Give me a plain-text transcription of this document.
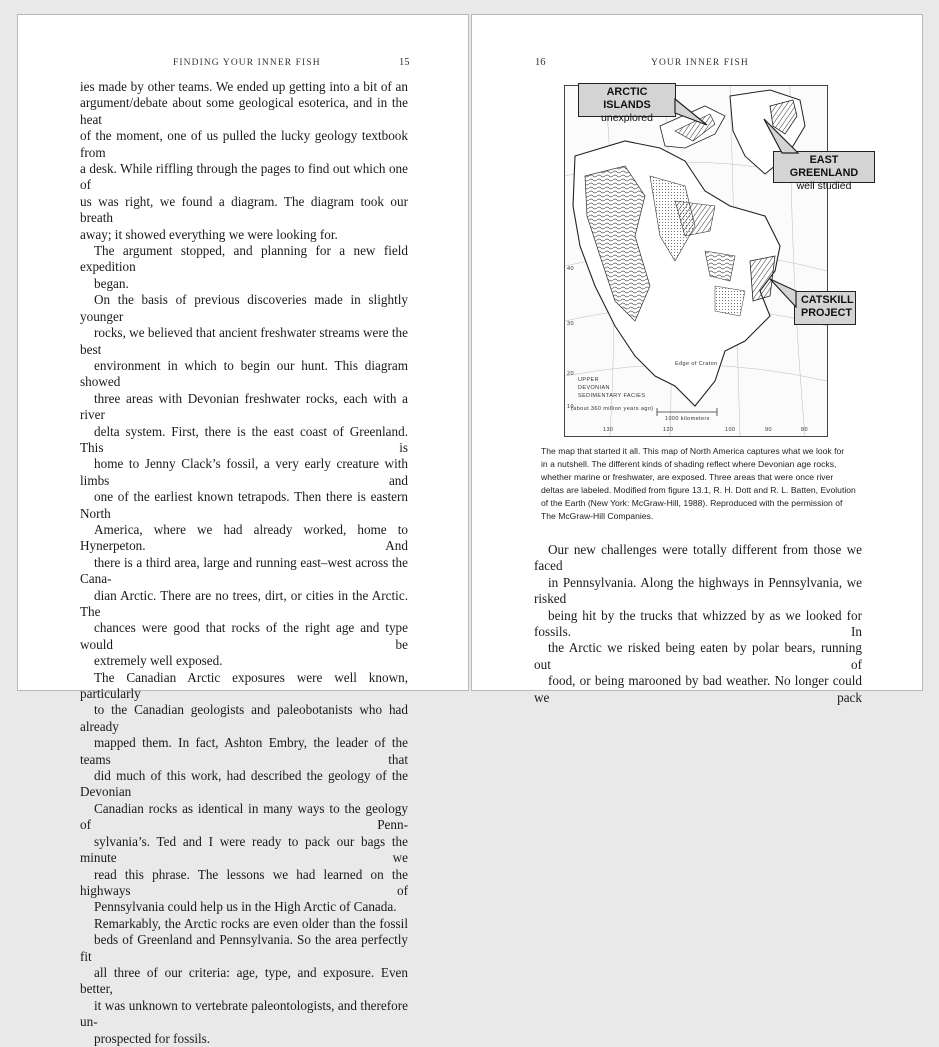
FINDING YOUR INNER FISH	15

ies made by other teams. We ended up getting into a bit of an
argument/debate about some geological esoterica, and in the heat
of the moment, one of us pulled the lucky geology textbook from
a desk. While riffling through the pages to find out which one of
us was right, we found a diagram. The diagram took our breath
away; it showed everything we were looking for.

The argument stopped, and planning for a new field expedition
began.

On the basis of previous discoveries made in slightly younger
rocks, we believed that ancient freshwater streams were the best
environment in which to begin our hunt. This diagram showed
three areas with Devonian freshwater rocks, each with a river
delta system. First, there is the east coast of Greenland. This is
home to Jenny Clack’s fossil, a very early creature with limbs and
one of the earliest known tetrapods. Then there is eastern North
America, where we had already worked, home to Hynerpeton. And
there is a third area, large and running east–west across the Cana-
dian Arctic. There are no trees, dirt, or cities in the Arctic. The
chances were good that rocks of the right age and type would be
extremely well exposed.

The Canadian Arctic exposures were well known, particularly
to the Canadian geologists and paleobotanists who had already
mapped them. In fact, Ashton Embry, the leader of the teams that
did much of this work, had described the geology of the Devonian
Canadian rocks as identical in many ways to the geology of Penn-
sylvania’s. Ted and I were ready to pack our bags the minute we
read this phrase. The lessons we had learned on the highways of
Pennsylvania could help us in the High Arctic of Canada.

Remarkably, the Arctic rocks are even older than the fossil
beds of Greenland and Pennsylvania. So the area perfectly fit
all three of our criteria: age, type, and exposure. Even better,
it was unknown to vertebrate paleontologists, and therefore un-
prospected for fossils.

16	YOUR INNER FISH
UPPER
DEVONIAN
SEDIMENTARY FACIES
(about 360 million years ago)
1000 kilometers
Edge of Craton
40
30
20
10
130	120	100	90	80
ARCTIC ISLANDS
unexplored
EAST GREENLAND
well studied
CATSKILL
PROJECT
The map that started it all. This map of North America captures what we look for
in a nutshell. The different kinds of shading reflect where Devonian age rocks,
whether marine or freshwater, are exposed. Three areas that were once river
deltas are labeled. Modified from figure 13.1, R. H. Dott and R. L. Batten, Evolution
of the Earth (New York: McGraw-Hill, 1988). Reproduced with the permission of
The McGraw-Hill Companies.

Our new challenges were totally different from those we faced
in Pennsylvania. Along the highways in Pennsylvania, we risked
being hit by the trucks that whizzed by as we looked for fossils. In
the Arctic we risked being eaten by polar bears, running out of
food, or being marooned by bad weather. No longer could we pack
